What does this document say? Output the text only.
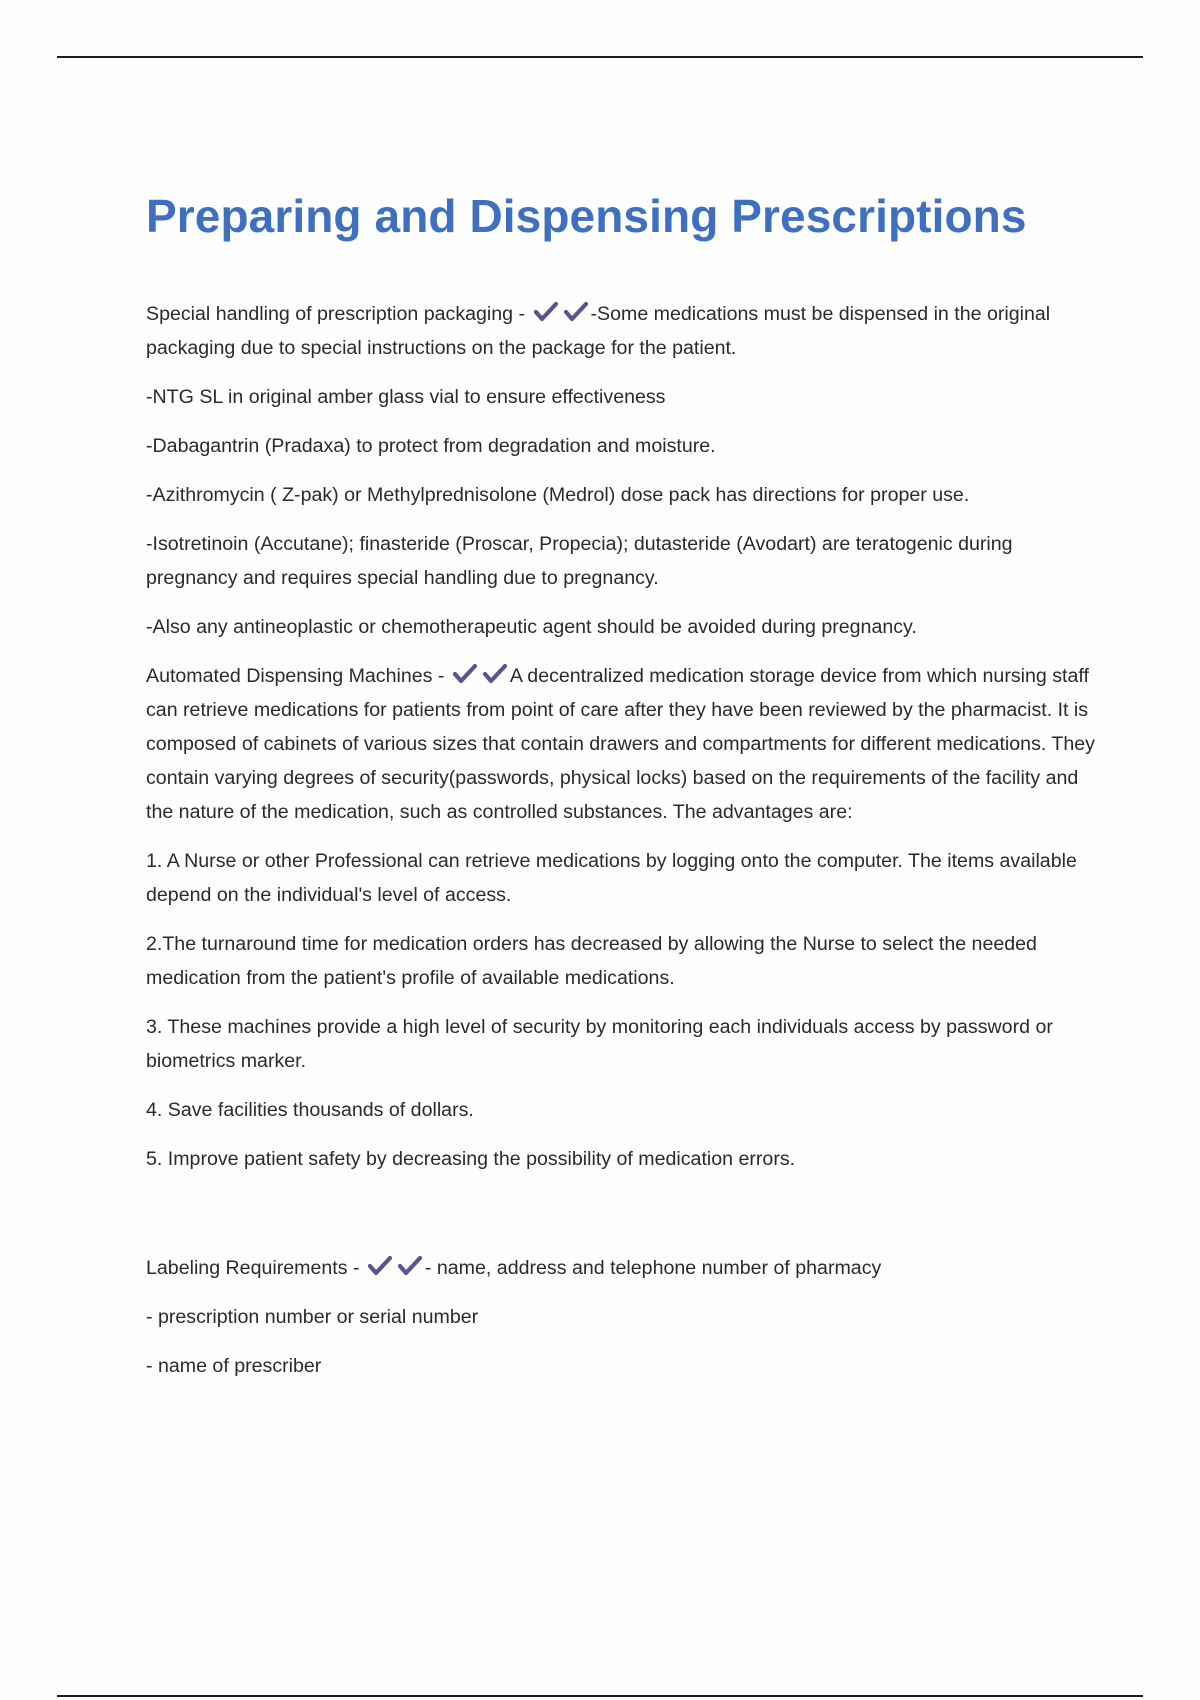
Preparing and Dispensing Prescriptions

Special handling of prescription packaging -	-Some medications must be dispensed in the original packaging due to special instructions on the package for the patient.

-NTG SL in original amber glass vial to ensure effectiveness

-Dabagantrin (Pradaxa) to protect from degradation and moisture.

-Azithromycin ( Z-pak) or Methylprednisolone (Medrol) dose pack has directions for proper use.

-Isotretinoin (Accutane); finasteride (Proscar, Propecia); dutasteride (Avodart) are teratogenic during pregnancy and requires special handling due to pregnancy.

-Also any antineoplastic or chemotherapeutic agent should be avoided during pregnancy.

Automated Dispensing Machines -	A decentralized medication storage device from which nursing staff can retrieve medications for patients from point of care after they have been reviewed by the pharmacist. It is composed of cabinets of various sizes that contain drawers and compartments for different medications. They contain varying degrees of security(passwords, physical locks) based on the requirements of the facility and the nature of the medication, such as controlled substances. The advantages are:

1. A Nurse or other Professional can retrieve medications by logging onto the computer. The items available depend on the individual's level of access.

2.The turnaround time for medication orders has decreased by allowing the Nurse to select the needed medication from the patient's profile of available medications.

3. These machines provide a high level of security by monitoring each individuals access by password or biometrics marker.

4. Save facilities thousands of dollars.

5. Improve patient safety by decreasing the possibility of medication errors.

Labeling Requirements -	- name, address and telephone number of pharmacy

- prescription number or serial number

- name of prescriber
